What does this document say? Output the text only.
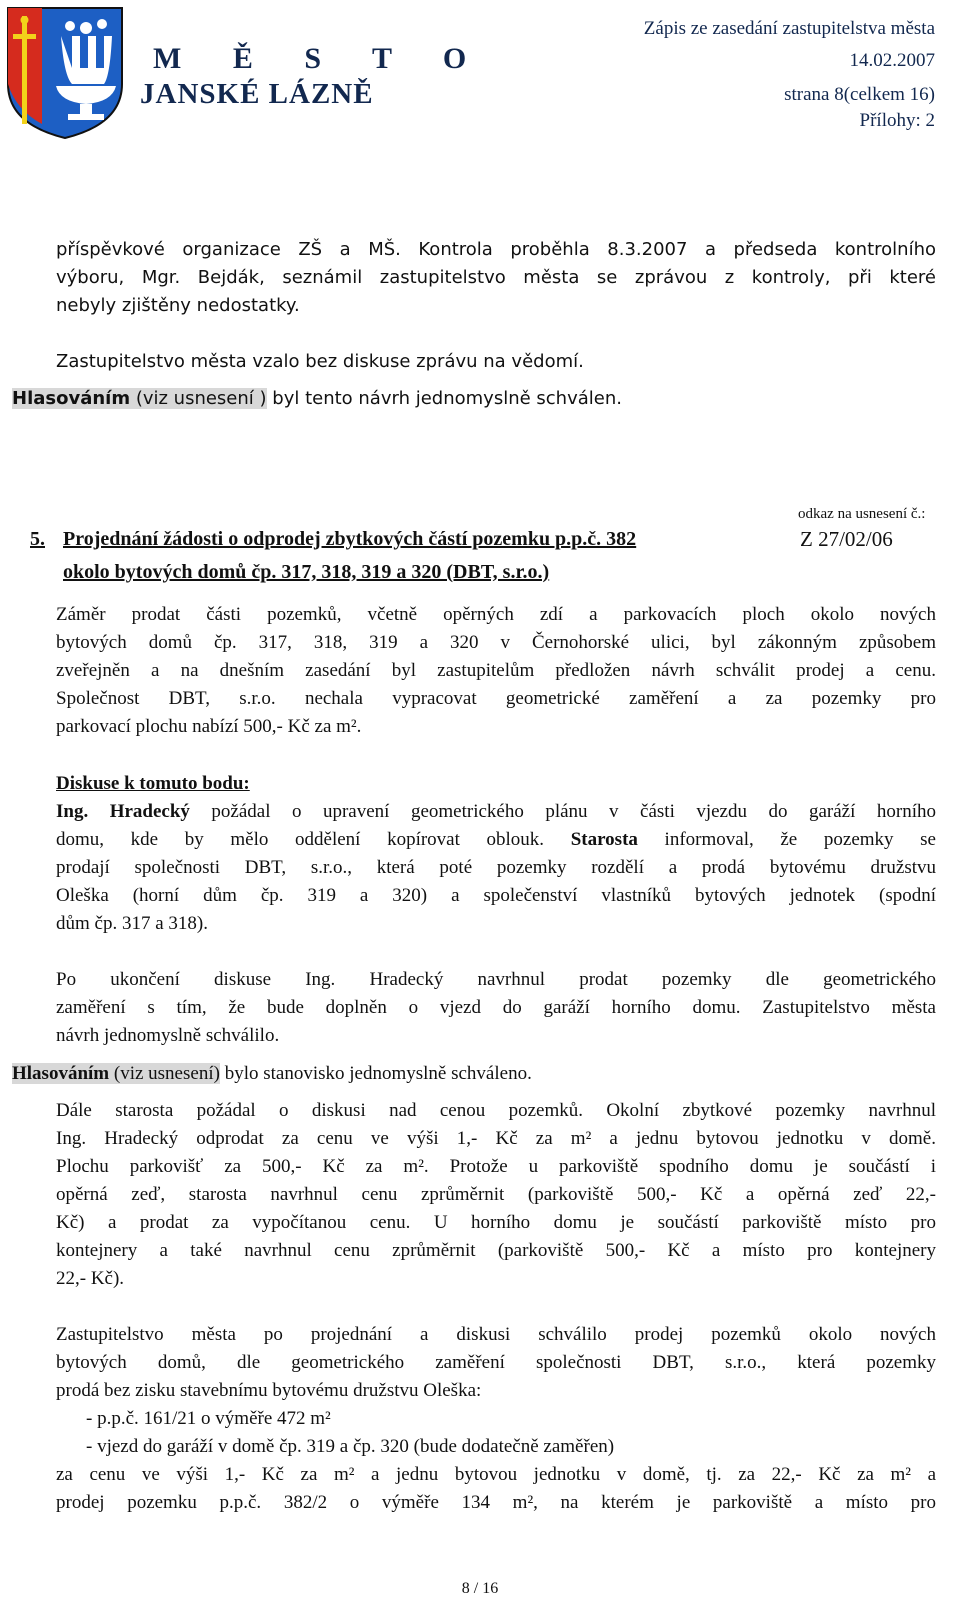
M Ě S T O
JANSKÉ LÁZNĚ
Zápis ze zasedání zastupitelstva města
14.02.2007
strana 8(celkem 16)
Přílohy: 2
příspěvkové organizace ZŠ a MŠ. Kontrola proběhla 8.3.2007 a předseda kontrolního
výboru, Mgr. Bejdák, seznámil zastupitelstvo města se zprávou z kontroly, při které
nebyly zjištěny nedostatky.
Zastupitelstvo města vzalo bez diskuse zprávu na vědomí.
Hlasováním (viz usnesení ) byl tento návrh jednomyslně schválen.
odkaz na usnesení č.:
Z 27/02/06
5. Projednání žádosti o odprodej zbytkových částí pozemku p.p.č. 382
okolo bytových domů čp. 317, 318, 319 a 320 (DBT, s.r.o.)
Záměr prodat části pozemků, včetně opěrných zdí a parkovacích ploch okolo nových
bytových domů čp. 317, 318, 319 a 320 v Černohorské ulici, byl zákonným způsobem
zveřejněn a na dnešním zasedání byl zastupitelům předložen návrh schválit prodej a cenu.
Společnost DBT, s.r.o. nechala vypracovat geometrické zaměření a za pozemky pro
parkovací plochu nabízí 500,- Kč za m².
Diskuse k tomuto bodu:
Ing. Hradecký požádal o upravení geometrického plánu v části vjezdu do garáží horního
domu, kde by mělo oddělení kopírovat oblouk. Starosta informoval, že pozemky se
prodají společnosti DBT, s.r.o., která poté pozemky rozdělí a prodá bytovému družstvu
Oleška (horní dům čp. 319 a 320) a společenství vlastníků bytových jednotek (spodní
dům čp. 317 a 318).
Po ukončení diskuse Ing. Hradecký navrhnul prodat pozemky dle geometrického
zaměření s tím, že bude doplněn o vjezd do garáží horního domu. Zastupitelstvo města
návrh jednomyslně schválilo.
Hlasováním (viz usnesení) bylo stanovisko jednomyslně schváleno.
Dále starosta požádal o diskusi nad cenou pozemků. Okolní zbytkové pozemky navrhnul
Ing. Hradecký odprodat za cenu ve výši 1,- Kč za m² a jednu bytovou jednotku v domě.
Plochu parkovišť za 500,- Kč za m². Protože u parkoviště spodního domu je součástí i
opěrná zeď, starosta navrhnul cenu zprůměrnit (parkoviště 500,- Kč a opěrná zeď 22,-
Kč) a prodat za vypočítanou cenu. U horního domu je součástí parkoviště místo pro
kontejnery a také navrhnul cenu zprůměrnit (parkoviště 500,- Kč a místo pro kontejnery
22,- Kč).
Zastupitelstvo města po projednání a diskusi schválilo prodej pozemků okolo nových
bytových domů, dle geometrického zaměření společnosti DBT, s.r.o., která pozemky
prodá bez zisku stavebnímu bytovému družstvu Oleška:
- p.p.č. 161/21 o výměře 472 m²
- vjezd do garáží v domě čp. 319 a čp. 320 (bude dodatečně zaměřen)
za cenu ve výši 1,- Kč za m² a jednu bytovou jednotku v domě, tj. za 22,- Kč za m² a
prodej pozemku p.p.č. 382/2 o výměře 134 m², na kterém je parkoviště a místo pro
8 / 16
